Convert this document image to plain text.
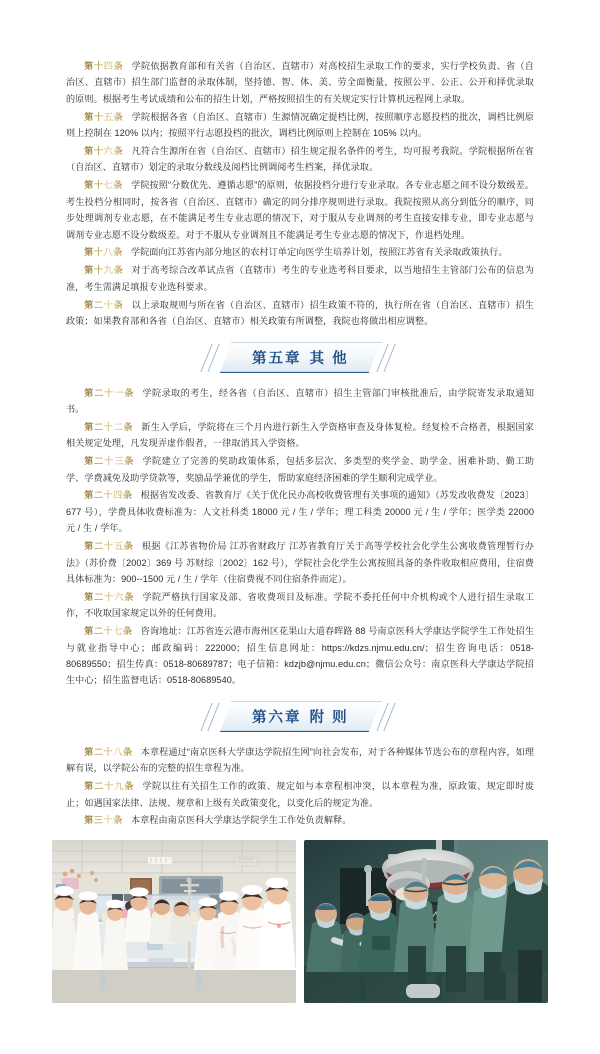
第十四条 学院依据教育部和有关省（自治区、直辖市）对高校招生录取工作的要求，实行学校负责、省（自治区、直辖市）招生部门监督的录取体制，坚持德、智、体、美、劳全面衡量，按照公平、公正、公开和择优录取的原则。根据考生考试成绩和公布的招生计划，严格按照招生的有关规定实行计算机远程网上录取。

第十五条 学院根据各省（自治区、直辖市）生源情况确定提档比例，按照顺序志愿投档的批次，调档比例原则上控制在 120% 以内；按照平行志愿投档的批次，调档比例原则上控制在 105% 以内。

第十六条 凡符合生源所在省（自治区、直辖市）招生规定报名条件的考生，均可报考我院。学院根据所在省（自治区、直辖市）划定的录取分数线及阅档比例调阅考生档案，择优录取。

第十七条 学院按照“分数优先、遵循志愿”的原则，依据投档分进行专业录取。各专业志愿之间不设分数级差。考生投档分相同时，按各省（自治区、直辖市）确定的同分排序规则进行录取。我院按照从高分到低分的顺序，同步处理调剂专业志愿，在不能满足考生专业志愿的情况下，对于服从专业调剂的考生直接安排专业，即专业志愿与调剂专业志愿不设分数级差。对于不服从专业调剂且不能满足考生专业志愿的情况下，作退档处理。

第十八条 学院面向江苏省内部分地区的农村订单定向医学生培养计划，按照江苏省有关录取政策执行。

第十九条 对于高考综合改革试点省（直辖市）考生的专业选考科目要求，以当地招生主管部门公布的信息为准，考生需满足填报专业选科要求。

第二十条 以上录取规则与所在省（自治区、直辖市）招生政策不符的，执行所在省（自治区、直辖市）招生政策；如果教育部和各省（自治区、直辖市）相关政策有所调整，我院也将做出相应调整。

第五章 其 他

第二十一条 学院录取的考生，经各省（自治区、直辖市）招生主管部门审核批准后，由学院寄发录取通知书。

第二十二条 新生入学后，学院将在三个月内进行新生入学资格审查及身体复检。经复检不合格者，根据国家相关规定处理，凡发现弄虚作假者，一律取消其入学资格。

第二十三条 学院建立了完善的奖助政策体系，包括多层次、多类型的奖学金、助学金、困难补助、勤工助学、学费减免及助学贷款等，奖励品学兼优的学生，帮助家庭经济困难的学生顺利完成学业。

第二十四条 根据省发改委、省教育厅《关于优化民办高校收费管理有关事项的通知》（苏发改收费发〔2023〕677 号），学费具体收费标准为：人文社科类 18000 元 / 生 / 学年；理工科类 20000 元 / 生 / 学年；医学类 22000 元 / 生 / 学年。

第二十五条 根据《江苏省物价局 江苏省财政厅 江苏省教育厅关于高等学校社会化学生公寓收费管理暂行办法》（苏价费〔2002〕369 号 苏财综〔2002〕162 号），学院社会化学生公寓按照具备的条件收取相应费用，住宿费具体标准为：900--1500 元 / 生 / 学年（住宿费视不同住宿条件而定）。

第二十六条 学院严格执行国家及部、省收费项目及标准。学院不委托任何中介机构或个人进行招生录取工作，不收取国家规定以外的任何费用。

第二十七条 咨询地址：江苏省连云港市海州区花果山大道春晖路 88 号南京医科大学康达学院学生工作处招生与就业指导中心；邮政编码：222000；招生信息网址：https://kdzs.njmu.edu.cn/；招生咨询电话：0518-80689550；招生传真：0518-80689787；电子信箱：kdzjb@njmu.edu.cn；微信公众号：南京医科大学康达学院招生中心；招生监督电话：0518-80689540。

第六章 附 则

第二十八条 本章程通过“南京医科大学康达学院招生网”向社会发布，对于各种媒体节选公布的章程内容，如理解有误，以学院公布的完整的招生章程为准。

第二十九条 学院以往有关招生工作的政策、规定如与本章程相冲突，以本章程为准，原政策、规定即时废止；如遇国家法律、法规、规章和上级有关政策变化，以变化后的规定为准。

第三十条 本章程由南京医科大学康达学院学生工作处负责解释。
